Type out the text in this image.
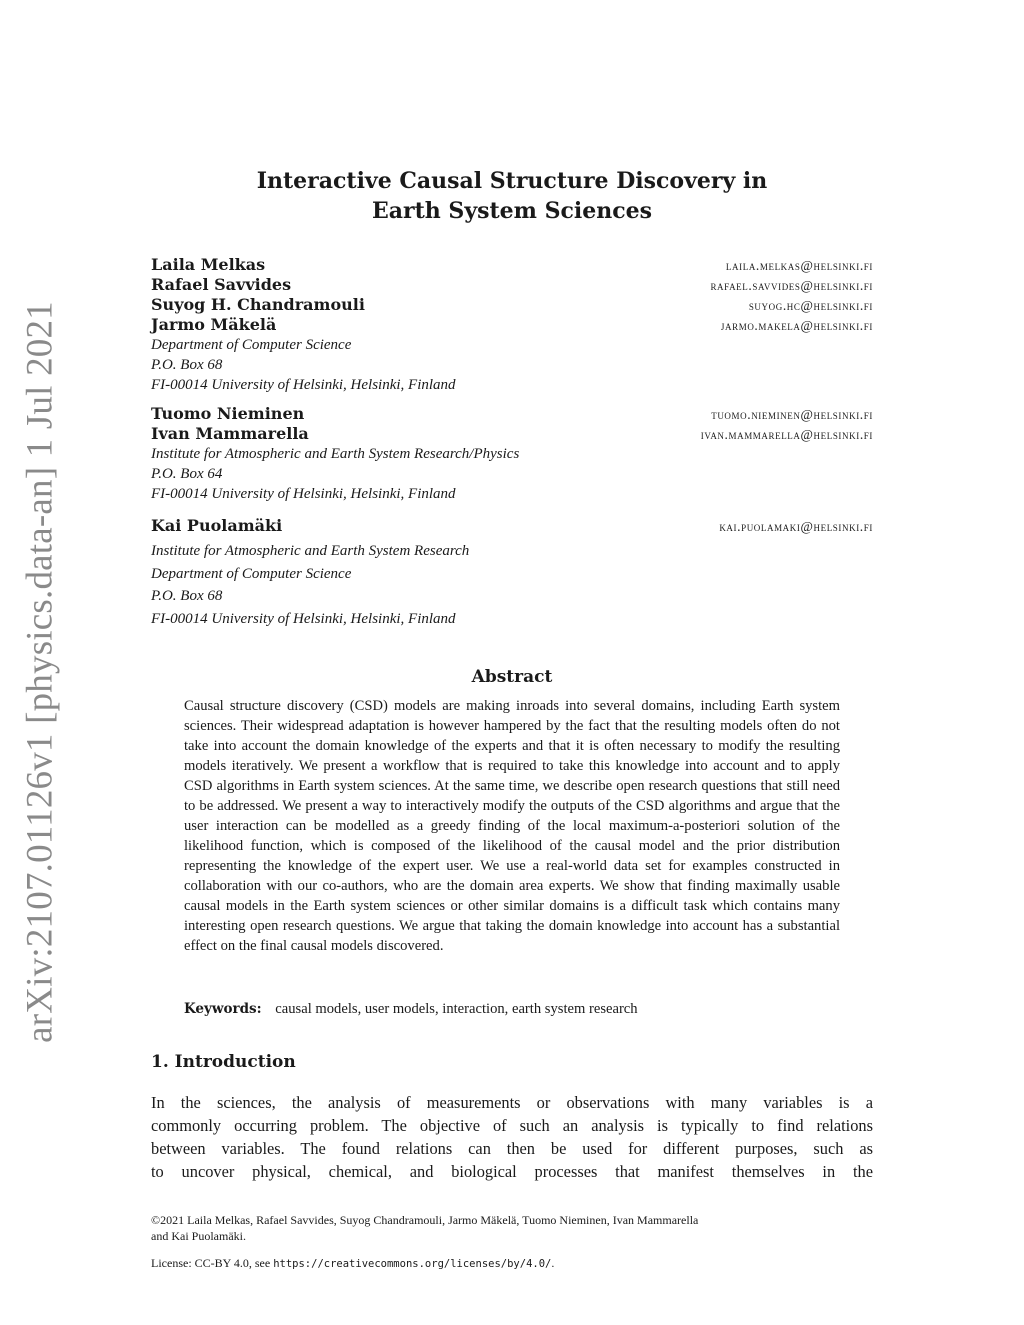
arXiv:2107.01126v1 [physics.data-an] 1 Jul 2021
Interactive Causal Structure Discovery in
Earth System Sciences
Laila Melkas	laila.melkas@helsinki.fi
Rafael Savvides	rafael.savvides@helsinki.fi
Suyog H. Chandramouli	suyog.hc@helsinki.fi
Jarmo Mäkelä	jarmo.makela@helsinki.fi
Department of Computer Science
P.O. Box 68
FI-00014 University of Helsinki, Helsinki, Finland
Tuomo Nieminen	tuomo.nieminen@helsinki.fi
Ivan Mammarella	ivan.mammarella@helsinki.fi
Institute for Atmospheric and Earth System Research/Physics
P.O. Box 64
FI-00014 University of Helsinki, Helsinki, Finland
Kai Puolamäki	kai.puolamaki@helsinki.fi
Institute for Atmospheric and Earth System Research
Department of Computer Science
P.O. Box 68
FI-00014 University of Helsinki, Helsinki, Finland
Abstract
Causal structure discovery (CSD) models are making inroads into several domains, including Earth system sciences. Their widespread adaptation is however hampered by the fact that the resulting models often do not take into account the domain knowledge of the experts and that it is often necessary to modify the resulting models iteratively. We present a workflow that is required to take this knowledge into account and to apply CSD algorithms in Earth system sciences. At the same time, we describe open research questions that still need to be addressed. We present a way to interactively modify the outputs of the CSD algorithms and argue that the user interaction can be modelled as a greedy finding of the local maximum-a-posteriori solution of the likelihood function, which is composed of the likelihood of the causal model and the prior distribution representing the knowledge of the expert user. We use a real-world data set for examples constructed in collaboration with our co-authors, who are the domain area experts. We show that finding maximally usable causal models in the Earth system sciences or other similar domains is a difficult task which contains many interesting open research questions. We argue that taking the domain knowledge into account has a substantial effect on the final causal models discovered.
Keywords: causal models, user models, interaction, earth system research
1. Introduction
In the sciences, the analysis of measurements or observations with many variables is a
commonly occurring problem. The objective of such an analysis is typically to find relations
between variables. The found relations can then be used for different purposes, such as
to uncover physical, chemical, and biological processes that manifest themselves in the
©2021 Laila Melkas, Rafael Savvides, Suyog Chandramouli, Jarmo Mäkelä, Tuomo Nieminen, Ivan Mammarella
and Kai Puolamäki.
License: CC-BY 4.0, see https://creativecommons.org/licenses/by/4.0/.
